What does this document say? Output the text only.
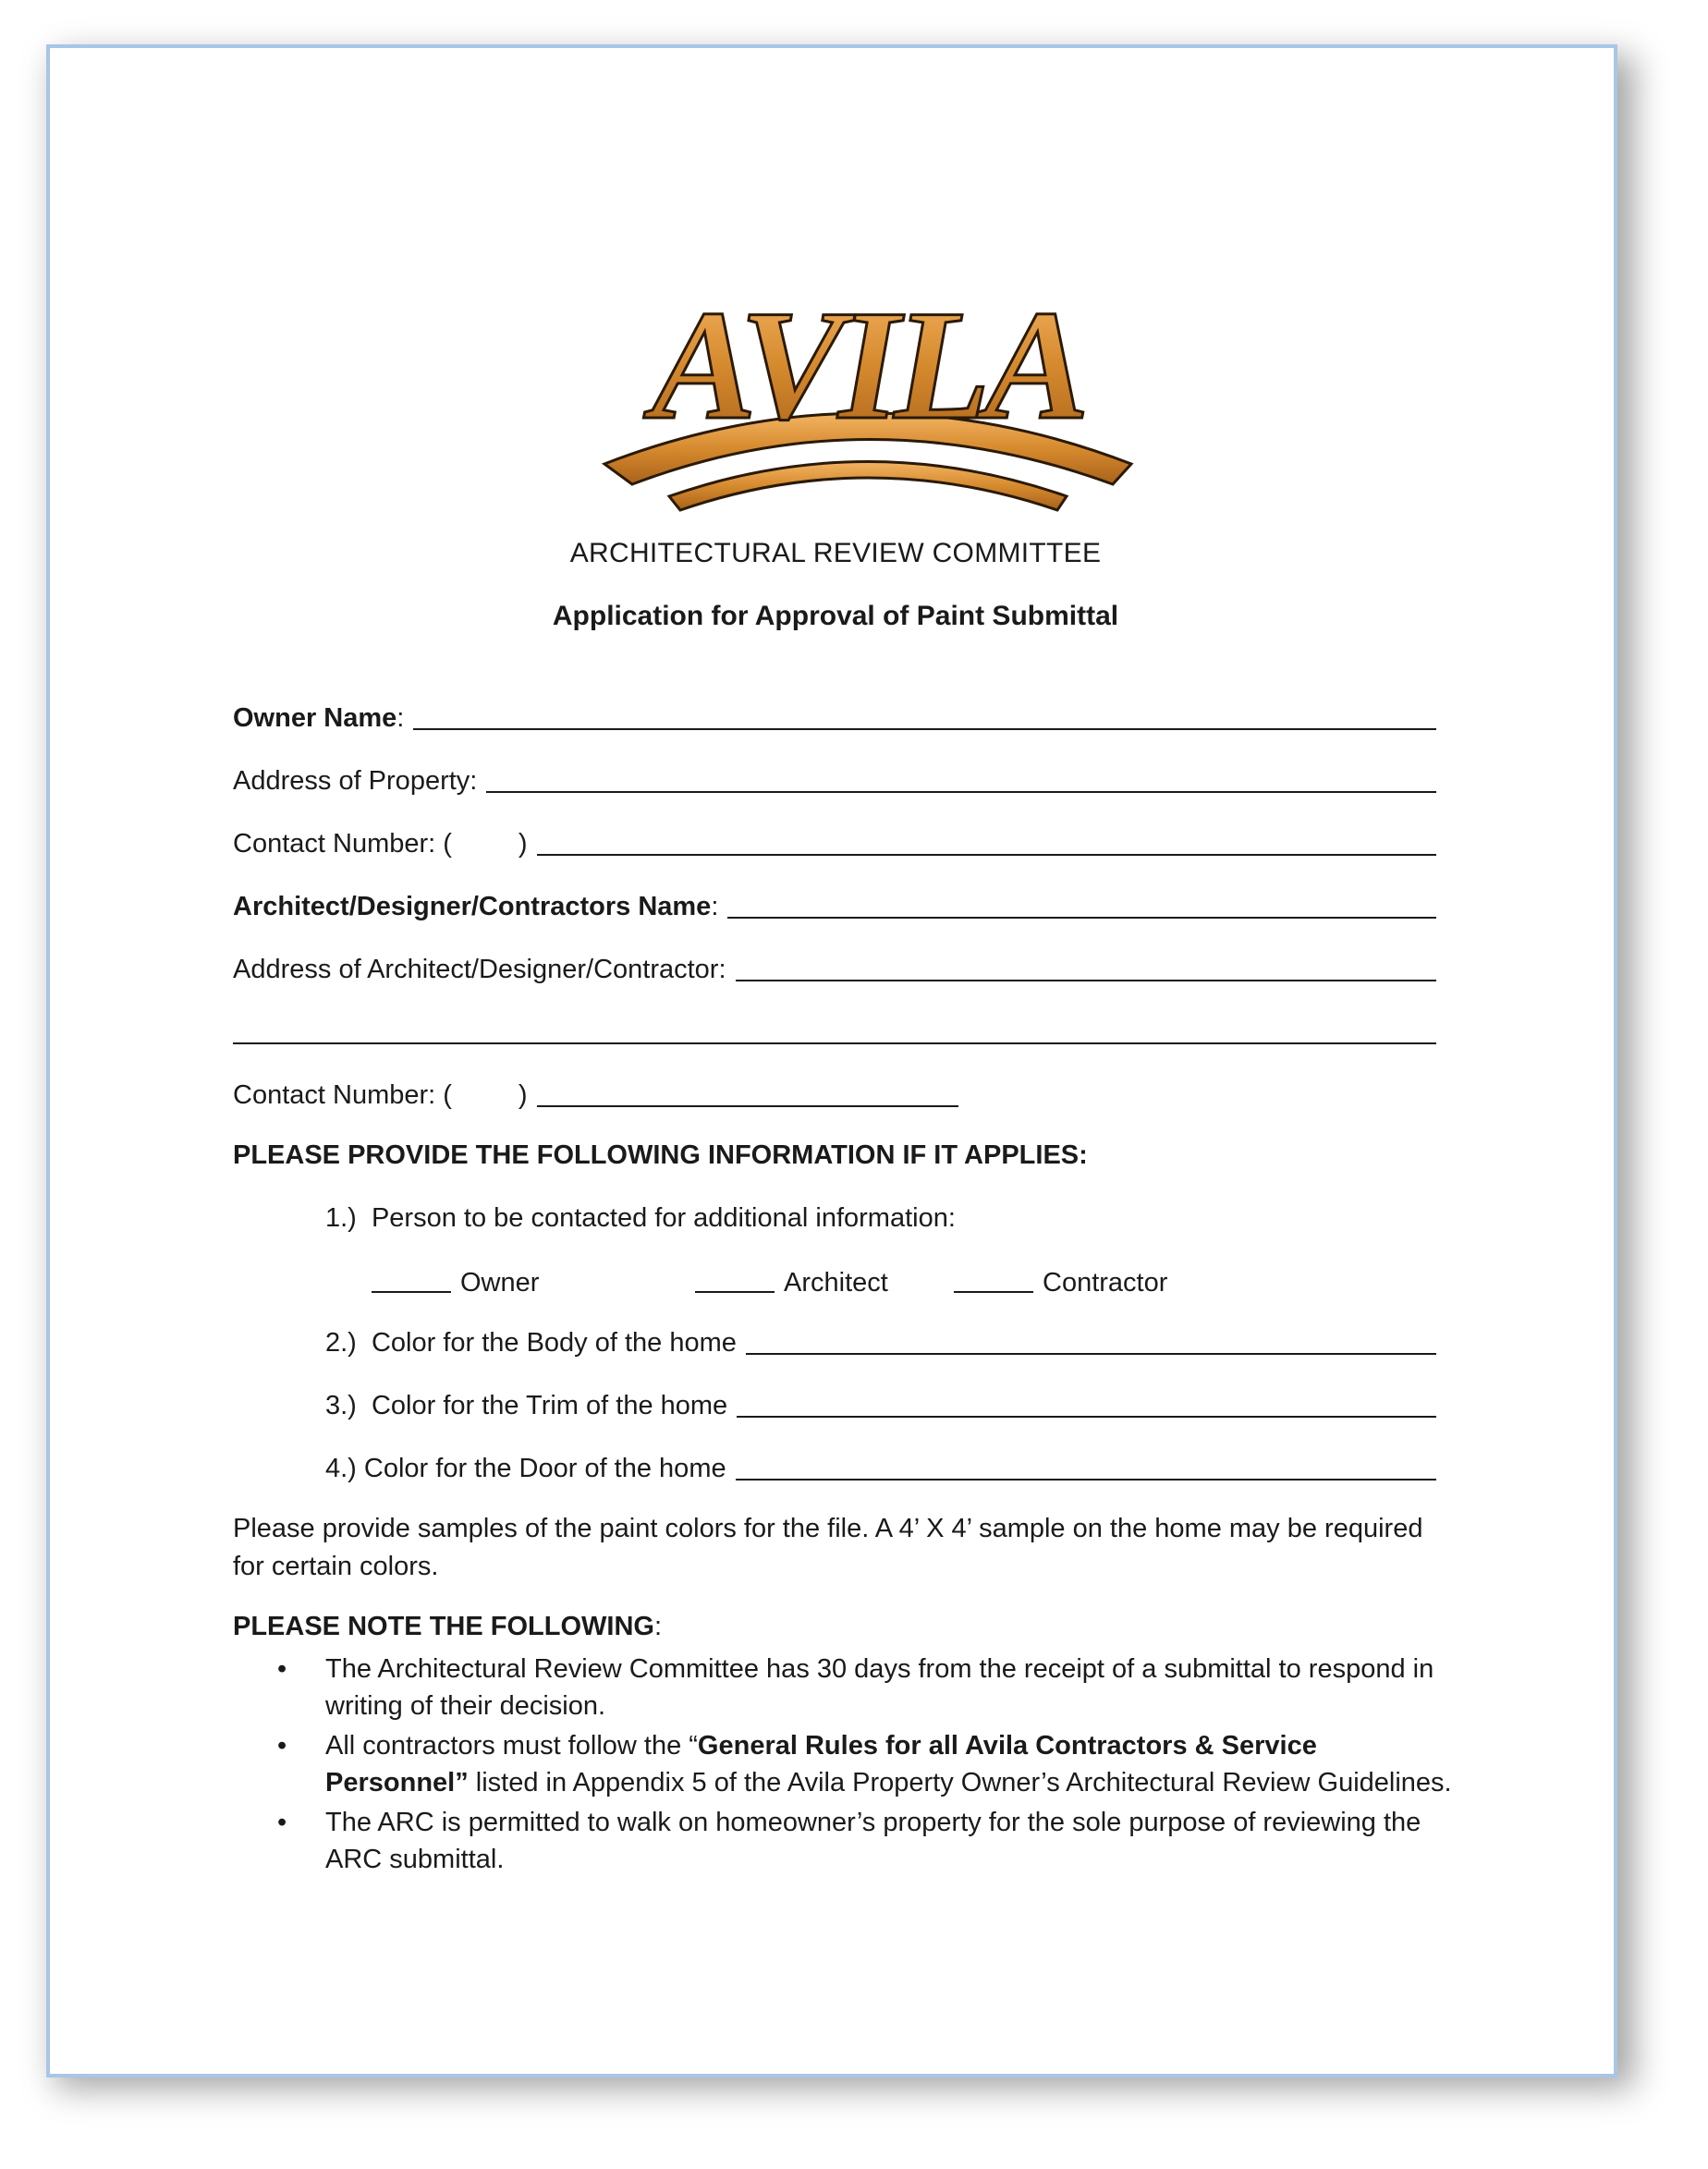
AVILA
ARCHITECTURAL REVIEW COMMITTEE
Application for Approval of Paint Submittal
Owner Name:
Address of Property:
Contact Number: ( )
Architect/Designer/Contractors Name:
Address of Architect/Designer/Contractor:
Contact Number: ( )
PLEASE PROVIDE THE FOLLOWING INFORMATION IF IT APPLIES:
1.)  Person to be contacted for additional information:
Owner	Architect	Contractor
2.)  Color for the Body of the home
3.)  Color for the Trim of the home
4.) Color for the Door of the home
Please provide samples of the paint colors for the file. A 4’ X 4’ sample on the home may be required for certain colors.
PLEASE NOTE THE FOLLOWING:
• The Architectural Review Committee has 30 days from the receipt of a submittal to respond in writing of their decision.
• All contractors must follow the “General Rules for all Avila Contractors & Service Personnel” listed in Appendix 5 of the Avila Property Owner’s Architectural Review Guidelines.
• The ARC is permitted to walk on homeowner’s property for the sole purpose of reviewing the ARC submittal.
